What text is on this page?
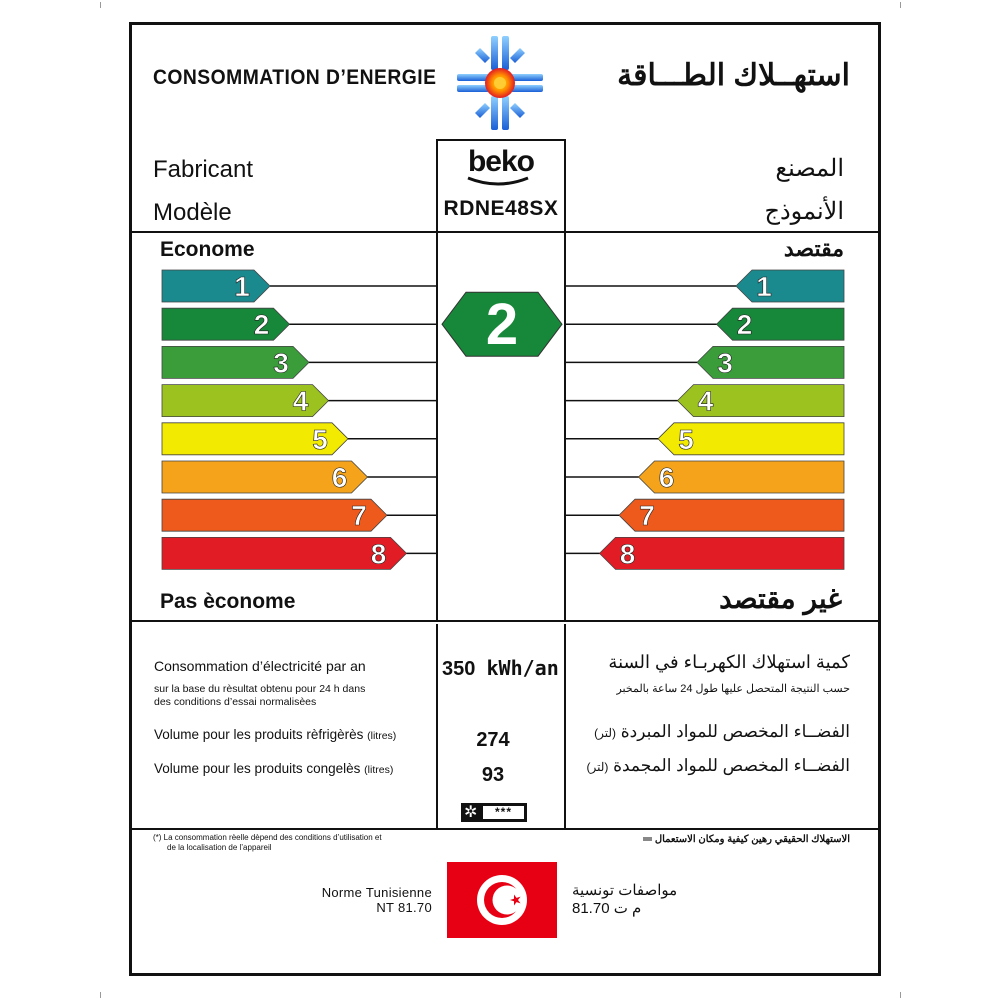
CONSOMMATION D’ENERGIE	استهــلاك الطـــاقة
Fabricant	المصنع
beko
Modèle	الأنموذج
RDNE48SX
Econome	مقتصد
Pas èconome	غير مقتصد
1	1
2	2
3	3
4	4
5	5
6	6
7	7
8	8
2
Consommation d’électricité par an
sur la base du rèsultat obtenu pour 24 h dans
des conditions d’essai normalisèes
350 kWh/an	كمية استهلاك الكهربـاء في السنة
حسب النتيجة المتحصل عليها طول 24 ساعة بالمخبر
Volume pour les produits rèfrigèrès (litres)	274	الفضــاء المخصص للمواد المبردة (لتر)
Volume pour les produits congelès (litres)	93	الفضــاء المخصص للمواد المجمدة (لتر)
✲	***
(*) La consommation rèelle dèpend des conditions d’utilisation et
de la localisation de l’appareil
الاستهلاك الحقيقي رهين كيفية ومكان الاستعمال
Norme Tunisienne
NT 81.70
مواصفات تونسية
م ت 81.70
